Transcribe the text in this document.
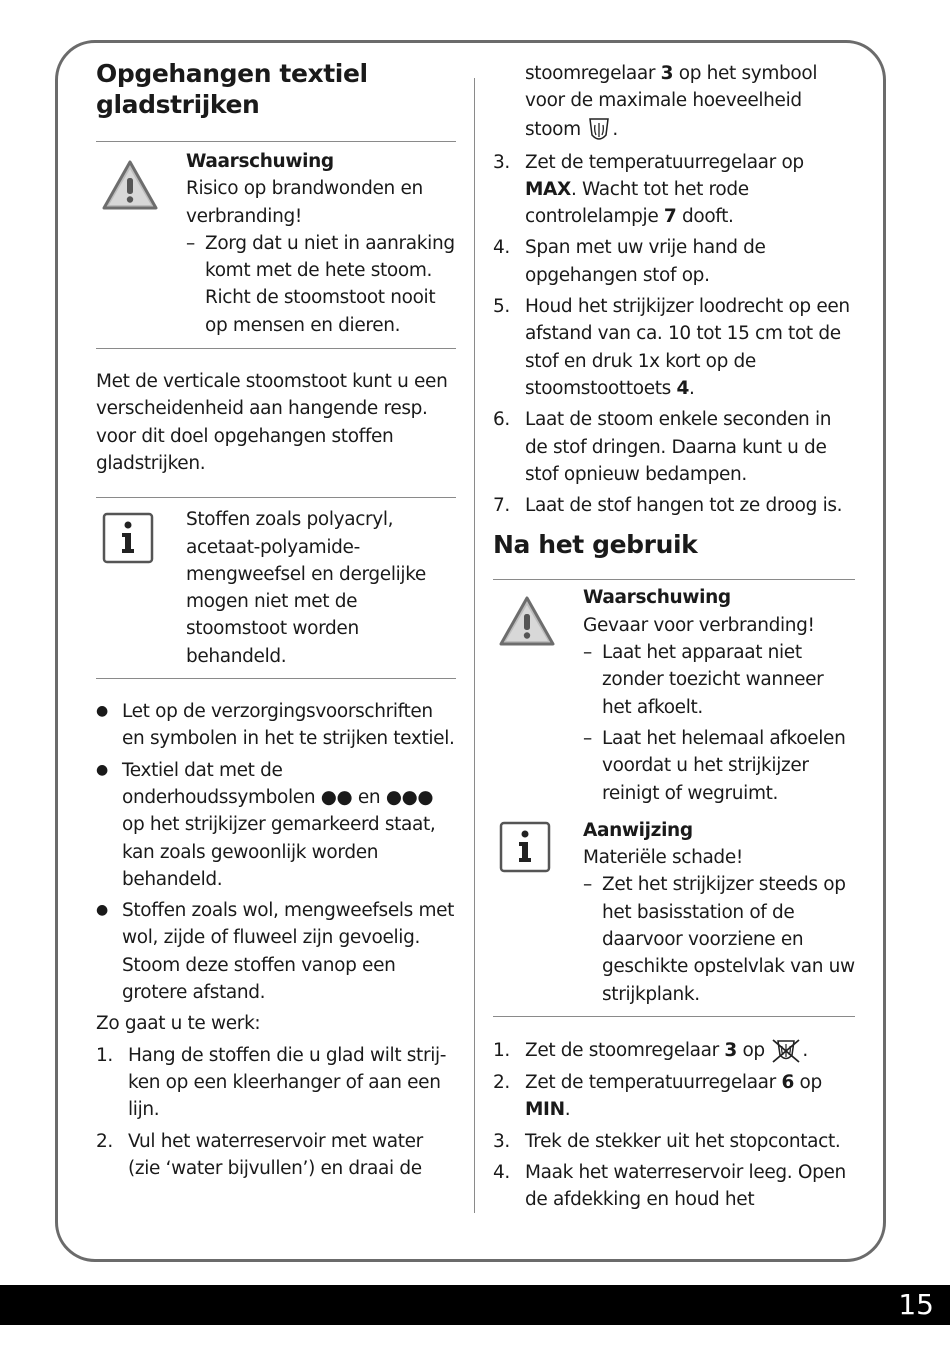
Opgehangen textiel gladstrijken

Waarschuwing

Risico op brandwonden en verbranding!

– Zorg dat u niet in aanraking komt met de hete stoom. Richt de stoomstoot nooit op mensen en dieren.

Met de verticale stoomstoot kunt u een verscheidenheid aan hangende resp. voor dit doel opgehangen stoffen gladstrijken.

Stoffen zoals polyacryl, acetaat-polyamide-mengweefsel en dergelijke mogen niet met de stoomstoot worden behandeld.

● Let op de verzorgingsvoorschriften en symbolen in het te strijken textiel.
● Textiel dat met de onderhoudssymbolen ●● en ●●● op het strijkijzer gemarkeerd staat, kan zoals gewoonlijk worden behandeld.
● Stoffen zoals wol, mengweefsels met wol, zijde of fluweel zijn gevoelig. Stoom deze stoffen vanop een grotere afstand.

Zo gaat u te werk:

1. Hang de stoffen die u glad wilt strij-ken op een kleerhanger of aan een lijn.
2. Vul het waterreservoir met water (zie ‘water bijvullen’) en draai de
stoomregelaar 3 op het symbool voor de maximale hoeveelheid stoom .
3. Zet de temperatuurregelaar op MAX. Wacht tot het rode controlelampje 7 dooft.
4. Span met uw vrije hand de opgehangen stof op.
5. Houd het strijkijzer loodrecht op een afstand van ca. 10 tot 15 cm tot de stof en druk 1x kort op de stoomstoottoets 4.
6. Laat de stoom enkele seconden in de stof dringen. Daarna kunt u de stof opnieuw bedampen.
7. Laat de stof hangen tot ze droog is.
Na het gebruik

Waarschuwing

Gevaar voor verbranding!

– Laat het apparaat niet zonder toezicht wanneer het afkoelt.
– Laat het helemaal afkoelen voordat u het strijkijzer reinigt of wegruimt.

Aanwijzing

Materiële schade!

– Zet het strijkijzer steeds op het basisstation of de daarvoor voorziene en geschikte opstelvlak van uw strijkplank.
1. Zet de stoomregelaar 3 op .
2. Zet de temperatuurregelaar 6 op MIN.
3. Trek de stekker uit het stopcontact.
4. Maak het waterreservoir leeg. Open de afdekking en houd het
15
